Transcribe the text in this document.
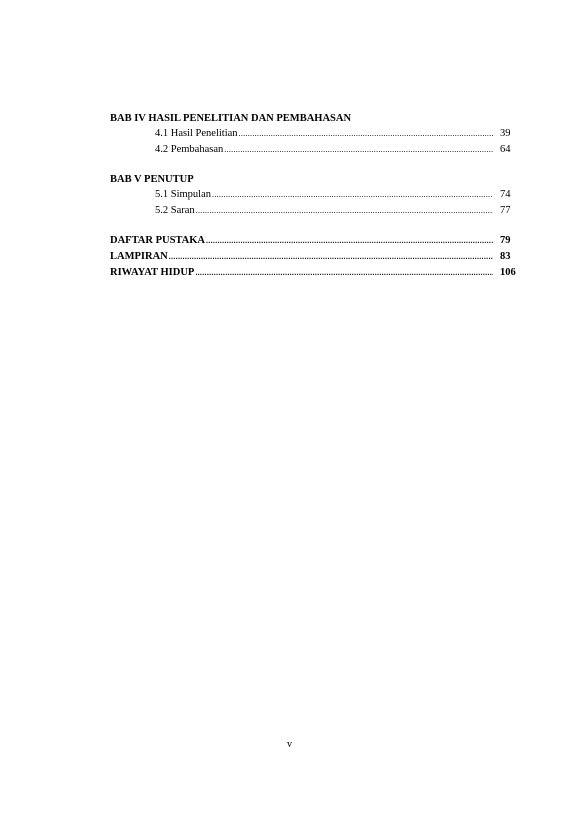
BAB IV HASIL PENELITIAN DAN PEMBAHASAN
4.1 Hasil Penelitian .....	39
4.2 Pembahasan .....	64
BAB V PENUTUP
5.1 Simpulan .....	74
5.2 Saran .....	77
DAFTAR PUSTAKA .....	79
LAMPIRAN .....	83
RIWAYAT HIDUP .....	106
v
